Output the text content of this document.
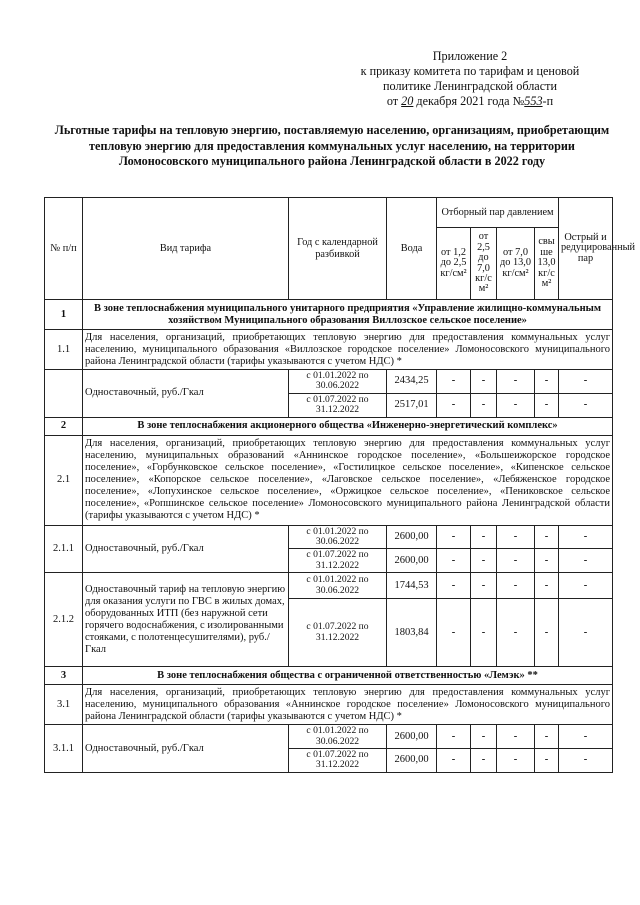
Приложение 2
к приказу комитета по тарифам и ценовой
политике Ленинградской области
от 20 декабря 2021 года №553-п
Льготные тарифы на тепловую энергию, поставляемую населению, организациям, приобретающим тепловую энергию для предоставления коммунальных услуг населению, на территории Ломоносовского муниципального района Ленинградской области в 2022 году
№ п/п	Вид тарифа	Год с календарной разбивкой	Вода	Отборный пар давлением				Острый и редуцированный пар
				от 1,2 до 2,5 кг/см²	от 2,5 до 7,0 кг/с м²	от 7,0 до 13,0 кг/см²	свы ше 13,0 кг/с м²	
1	В зоне теплоснабжения муниципального унитарного предприятия «Управление жилищно-коммунальным хозяйством Муниципального образования Виллозское сельское поселение»							
1.1	Для населения, организаций, приобретающих тепловую энергию для предоставления коммунальных услуг населению, муниципального образования «Виллозское городское поселение» Ломоносовского муниципального района Ленинградской области (тарифы указываются с учетом НДС) *							
	Одноставочный, руб./Гкал	с 01.01.2022 по 30.06.2022	2434,25	-	-	-	-	-
		с 01.07.2022 по 31.12.2022	2517,01	-	-	-	-	-
2	В зоне теплоснабжения акционерного общества «Инженерно-энергетический комплекс»							
2.1	Для населения, организаций, приобретающих тепловую энергию для предоставления коммунальных услуг населению, муниципальных образований «Аннинское городское поселение», «Большеижорское городское поселение», «Горбунковское сельское поселение», «Гостилицкое сельское поселение», «Кипенское сельское поселение», «Копорское сельское поселение», «Лаговское сельское поселение», «Лебяженское городское поселение», «Лопухинское сельское поселение», «Оржицкое сельское поселение», «Пениковское сельское поселение», «Ропшинское сельское поселение» Ломоносовского муниципального района Ленинградской области (тарифы указываются с учетом НДС) *							
2.1.1	Одноставочный, руб./Гкал	с 01.01.2022 по 30.06.2022	2600,00	-	-	-	-	-
		с 01.07.2022 по 31.12.2022	2600,00	-	-	-	-	-
2.1.2	Одноставочный тариф на тепловую энергию для оказания услуги по ГВС в жилых домах, оборудованных ИТП (без наружной сети горячего водоснабжения, с изолированными стояками, с полотенцесушителями), руб./Гкал	с 01.01.2022 по 30.06.2022	1744,53	-	-	-	-	-
		с 01.07.2022 по 31.12.2022	1803,84	-	-	-	-	-
3	В зоне теплоснабжения общества с ограниченной ответственностью «Лемэк» **							
3.1	Для населения, организаций, приобретающих тепловую энергию для предоставления коммунальных услуг населению, муниципального образования «Аннинское городское поселение» Ломоносовского муниципального района Ленинградской области (тарифы указываются с учетом НДС) *							
3.1.1	Одноставочный, руб./Гкал	с 01.01.2022 по 30.06.2022	2600,00	-	-	-	-	-
		с 01.07.2022 по 31.12.2022	2600,00	-	-	-	-	-
